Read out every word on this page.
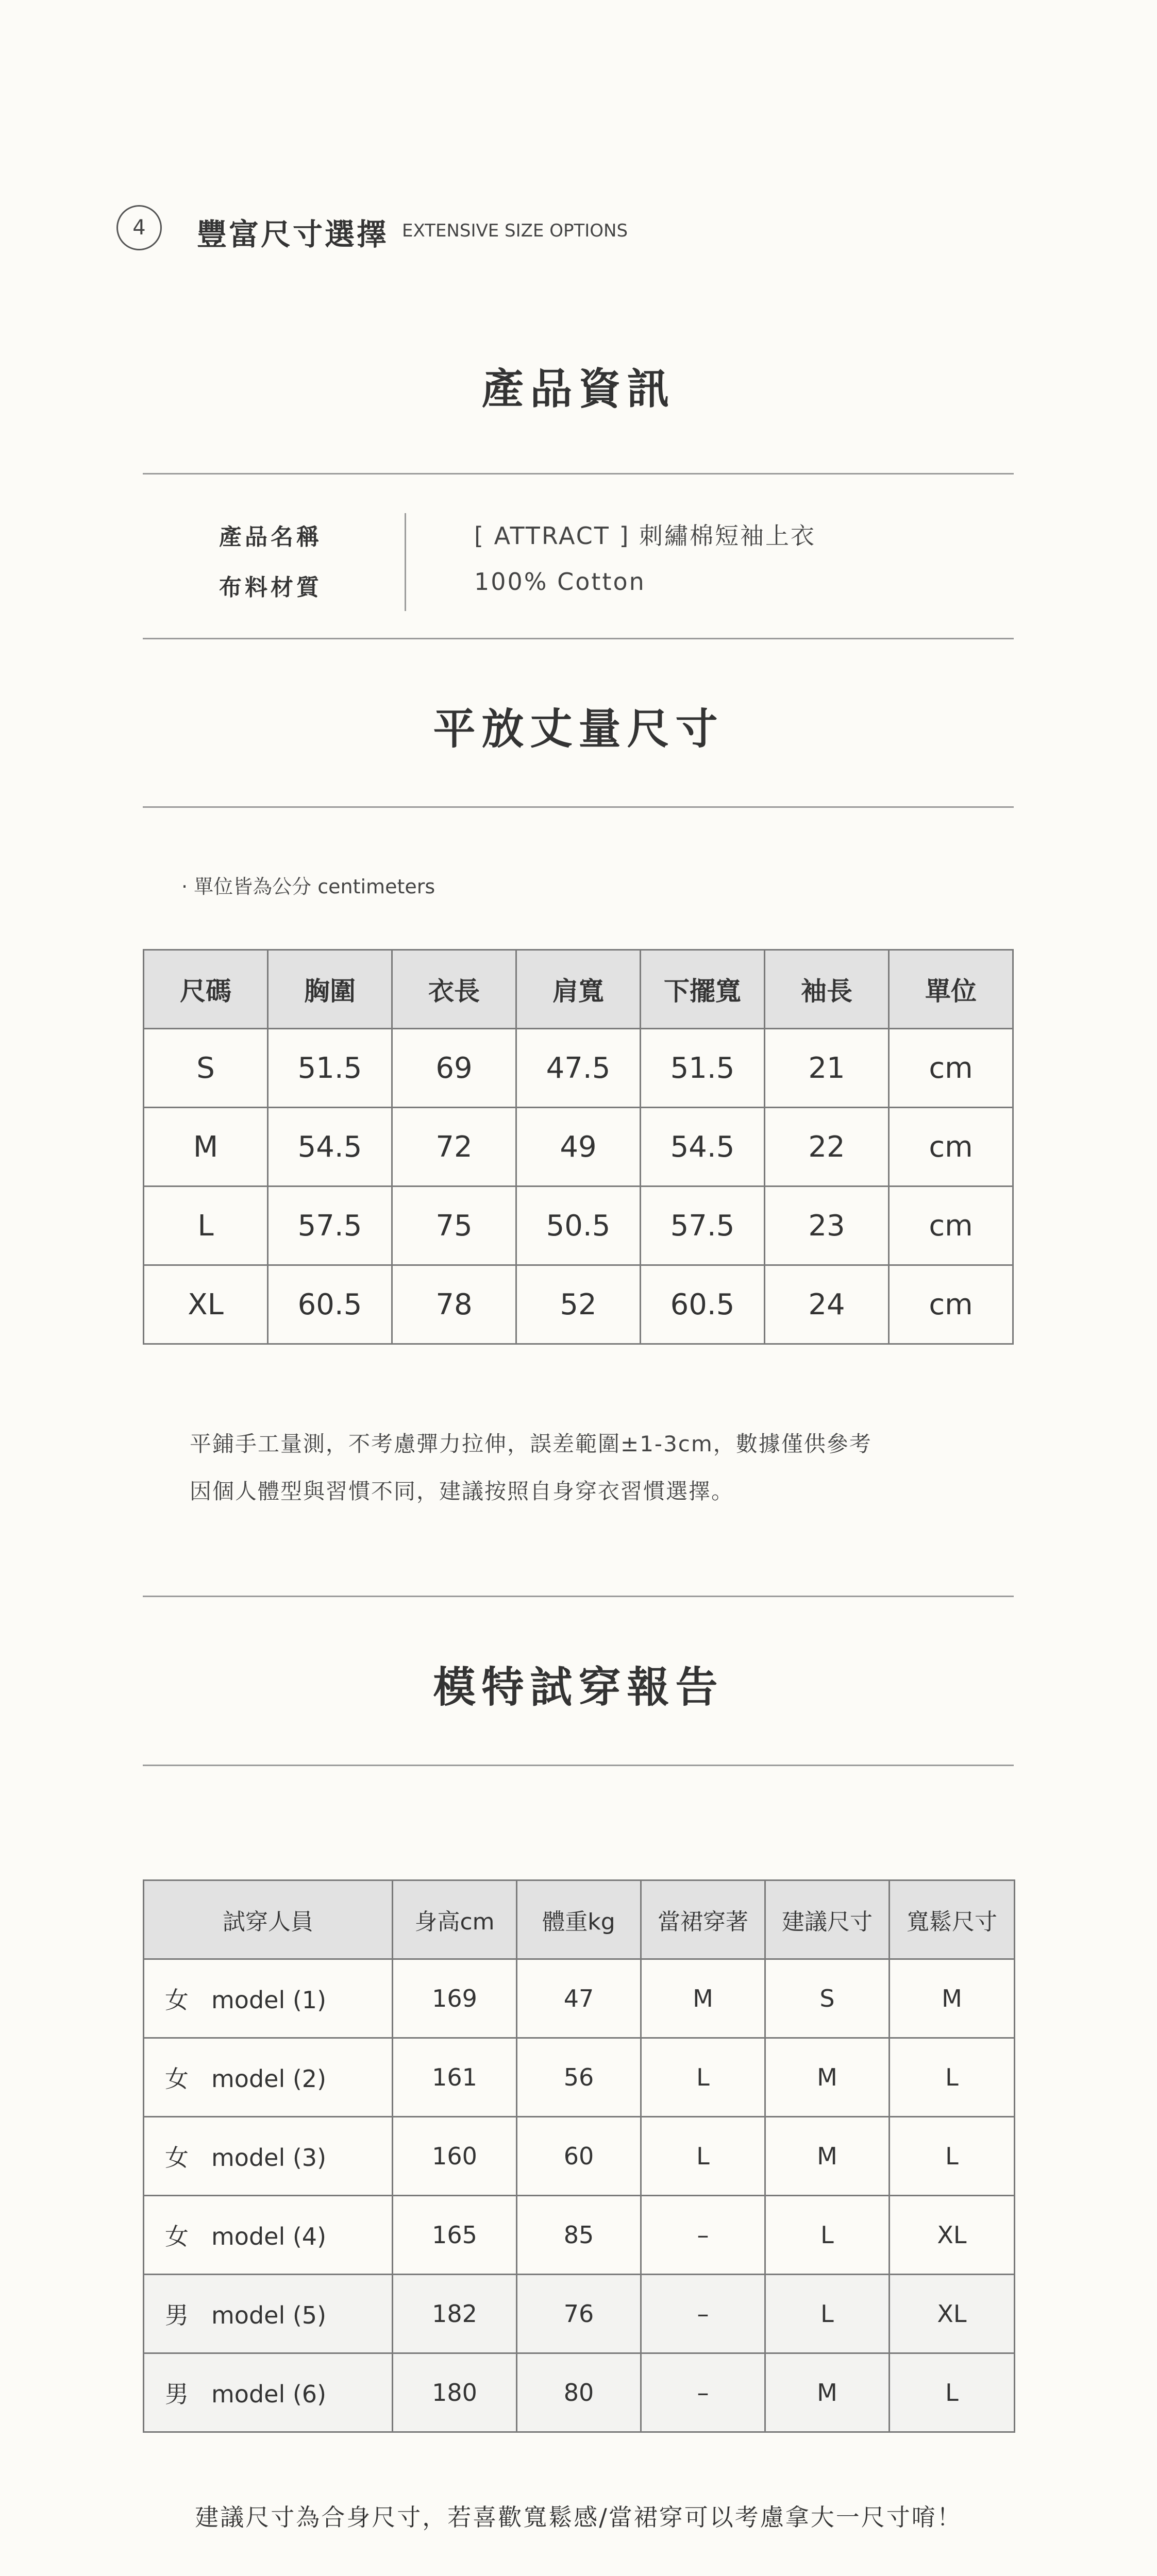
4 豐富尺寸選擇 EXTENSIVE SIZE OPTIONS
產品資訊
產品名稱	[ ATTRACT ] 刺繡棉短袖上衣
布料材質	100% Cotton
平放丈量尺寸
· 單位皆為公分 centimeters
尺碼	胸圍	衣長	肩寬	下擺寬	袖長	單位
S	51.5	69	47.5	51.5	21	cm
M	54.5	72	49	54.5	22	cm
L	57.5	75	50.5	57.5	23	cm
XL	60.5	78	52	60.5	24	cm
平鋪手工量測，不考慮彈力拉伸，誤差範圍±1-3cm，數據僅供參考
因個人體型與習慣不同，建議按照自身穿衣習慣選擇。
模特試穿報告
試穿人員	身高cm	體重kg	當裙穿著	建議尺寸	寬鬆尺寸
女 model (1)	169	47	M	S	M
女 model (2)	161	56	L	M	L
女 model (3)	160	60	L	M	L
女 model (4)	165	85	–	L	XL
男 model (5)	182	76	–	L	XL
男 model (6)	180	80	–	M	L
建議尺寸為合身尺寸，若喜歡寬鬆感/當裙穿可以考慮拿大一尺寸唷！
